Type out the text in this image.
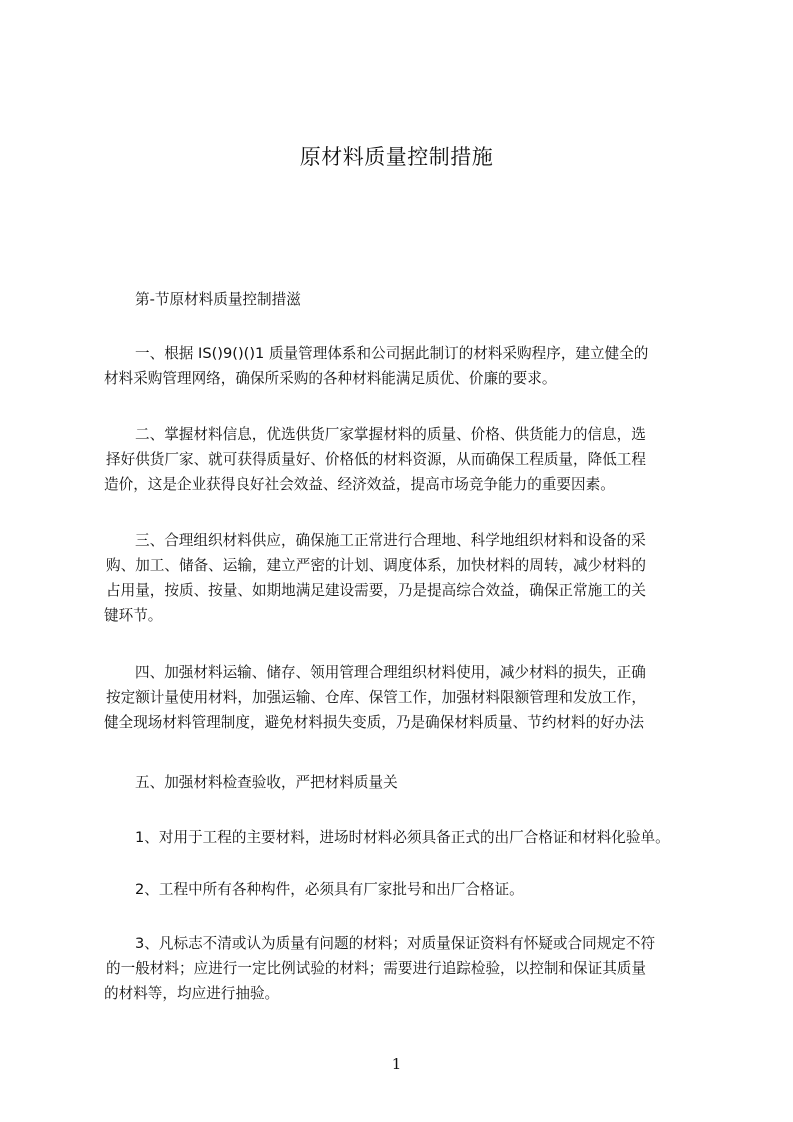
原材料质量控制措施

第-节原材料质量控制措滋

一、根据 IS()9()()1 质量管理体系和公司据此制订的材料采购程序，建立健全的
材料采购管理网络，确保所采购的各种材料能满足质优、价廉的要求。

二、掌握材料信息，优选供货厂家掌握材料的质量、价格、供货能力的信息，选
择好供货厂家、就可获得质量好、价格低的材料资源，从而确保工程质量，降低工程
造价，这是企业获得良好社会效益、经济效益，提高市场竞争能力的重要因素。

三、合理组织材料供应，确保施工正常进行合理地、科学地组织材料和设备的采
购、加工、储备、运输，建立严密的计划、调度体系，加快材料的周转，减少材料的
占用量，按质、按量、如期地满足建设需要，乃是提高综合效益，确保正常施工的关
键环节。

四、加强材料运输、储存、领用管理合理组织材料使用，减少材料的损失，正确
按定额计量使用材料，加强运输、仓库、保管工作，加强材料限额管理和发放工作，
健全现场材料管理制度，避免材料损失变质，乃是确保材料质量、节约材料的好办法

五、加强材料检查验收，严把材料质量关

1、对用于工程的主要材料，进场时材料必须具备正式的出厂合格证和材料化验单。

2、工程中所有各种构件，必须具有厂家批号和出厂合格证。

3、凡标志不清或认为质量有问题的材料；对质量保证资料有怀疑或合同规定不符
的一般材料；应进行一定比例试验的材料；需要进行追踪检验，以控制和保证其质量
的材料等，均应进行抽验。

1
